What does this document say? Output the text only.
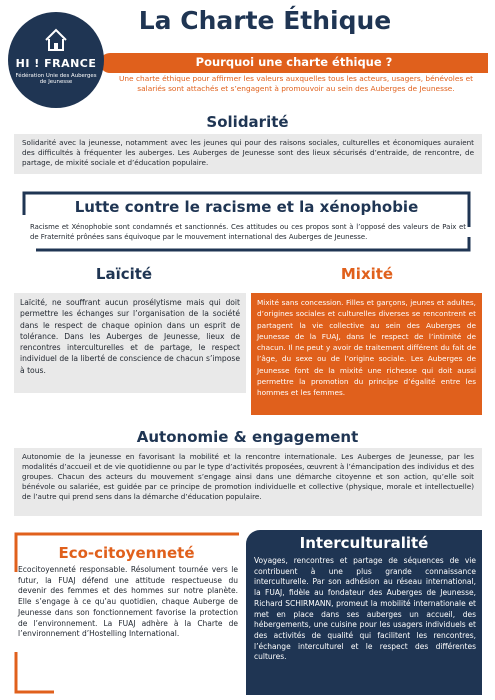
La Charte Éthique
HI ! FRANCE
Fédération Unie des Auberges de Jeunesse
Pourquoi une charte éthique ?
Une charte éthique pour affirmer les valeurs auxquelles tous les acteurs, usagers, bénévoles et salariés sont attachés et s’engagent à promouvoir au sein des Auberges de Jeunesse.
Solidarité
Solidarité avec la jeunesse, notamment avec les jeunes qui pour des raisons sociales, culturelles et économiques auraient des difficultés à fréquenter les auberges. Les Auberges de Jeunesse sont des lieux sécurisés d’entraide, de rencontre, de partage, de mixité sociale et d’éducation populaire.
Lutte contre le racisme et la xénophobie
Racisme et Xénophobie sont condamnés et sanctionnés. Ces attitudes ou ces propos sont à l’opposé des valeurs de Paix et de Fraternité prônées sans équivoque par le mouvement international des Auberges de Jeunesse.
Laïcité
Laïcité, ne souffrant aucun prosélytisme mais qui doit permettre les échanges sur l’organisation de la société dans le respect de chaque opinion dans un esprit de tolérance. Dans les Auberges de Jeunesse, lieux de rencontres interculturelles et de partage, le respect individuel de la liberté de conscience de chacun s’impose à tous.
Mixité
Mixité sans concession. Filles et garçons, jeunes et adultes, d’origines sociales et culturelles diverses se rencontrent et partagent la vie collective au sein des Auberges de Jeunesse de la FUAJ, dans le respect de l’intimité de chacun. Il ne peut y avoir de traitement différent du fait de l’âge, du sexe ou de l’origine sociale. Les Auberges de Jeunesse font de la mixité une richesse qui doit aussi permettre la promotion du principe d’égalité entre les hommes et les femmes.
Autonomie & engagement
Autonomie de la jeunesse en favorisant la mobilité et la rencontre internationale. Les Auberges de Jeunesse, par les modalités d’accueil et de vie quotidienne ou par le type d’activités proposées, œuvrent à l’émancipation des individus et des groupes. Chacun des acteurs du mouvement s’engage ainsi dans une démarche citoyenne et son action, qu’elle soit bénévole ou salariée, est guidée par ce principe de promotion individuelle et collective (physique, morale et intellectuelle) de l’autre qui prend sens dans la démarche d’éducation populaire.
Eco-citoyenneté
Ecocitoyenneté responsable. Résolument tournée vers le futur, la FUAJ défend une attitude respectueuse du devenir des femmes et des hommes sur notre planète. Elle s’engage à ce qu’au quotidien, chaque Auberge de Jeunesse dans son fonctionnement favorise la protection de l’environnement. La FUAJ adhère à la Charte de l’environnement d’Hostelling International.
Interculturalité
Voyages, rencontres et partage de séquences de vie contribuent à une plus grande connaissance interculturelle. Par son adhésion au réseau international, la FUAJ, fidèle au fondateur des Auberges de Jeunesse, Richard SCHIRMANN, promeut la mobilité internationale et met en place dans ses auberges un accueil, des hébergements, une cuisine pour les usagers individuels et des activités de qualité qui facilitent les rencontres, l’échange interculturel et le respect des différentes cultures.
